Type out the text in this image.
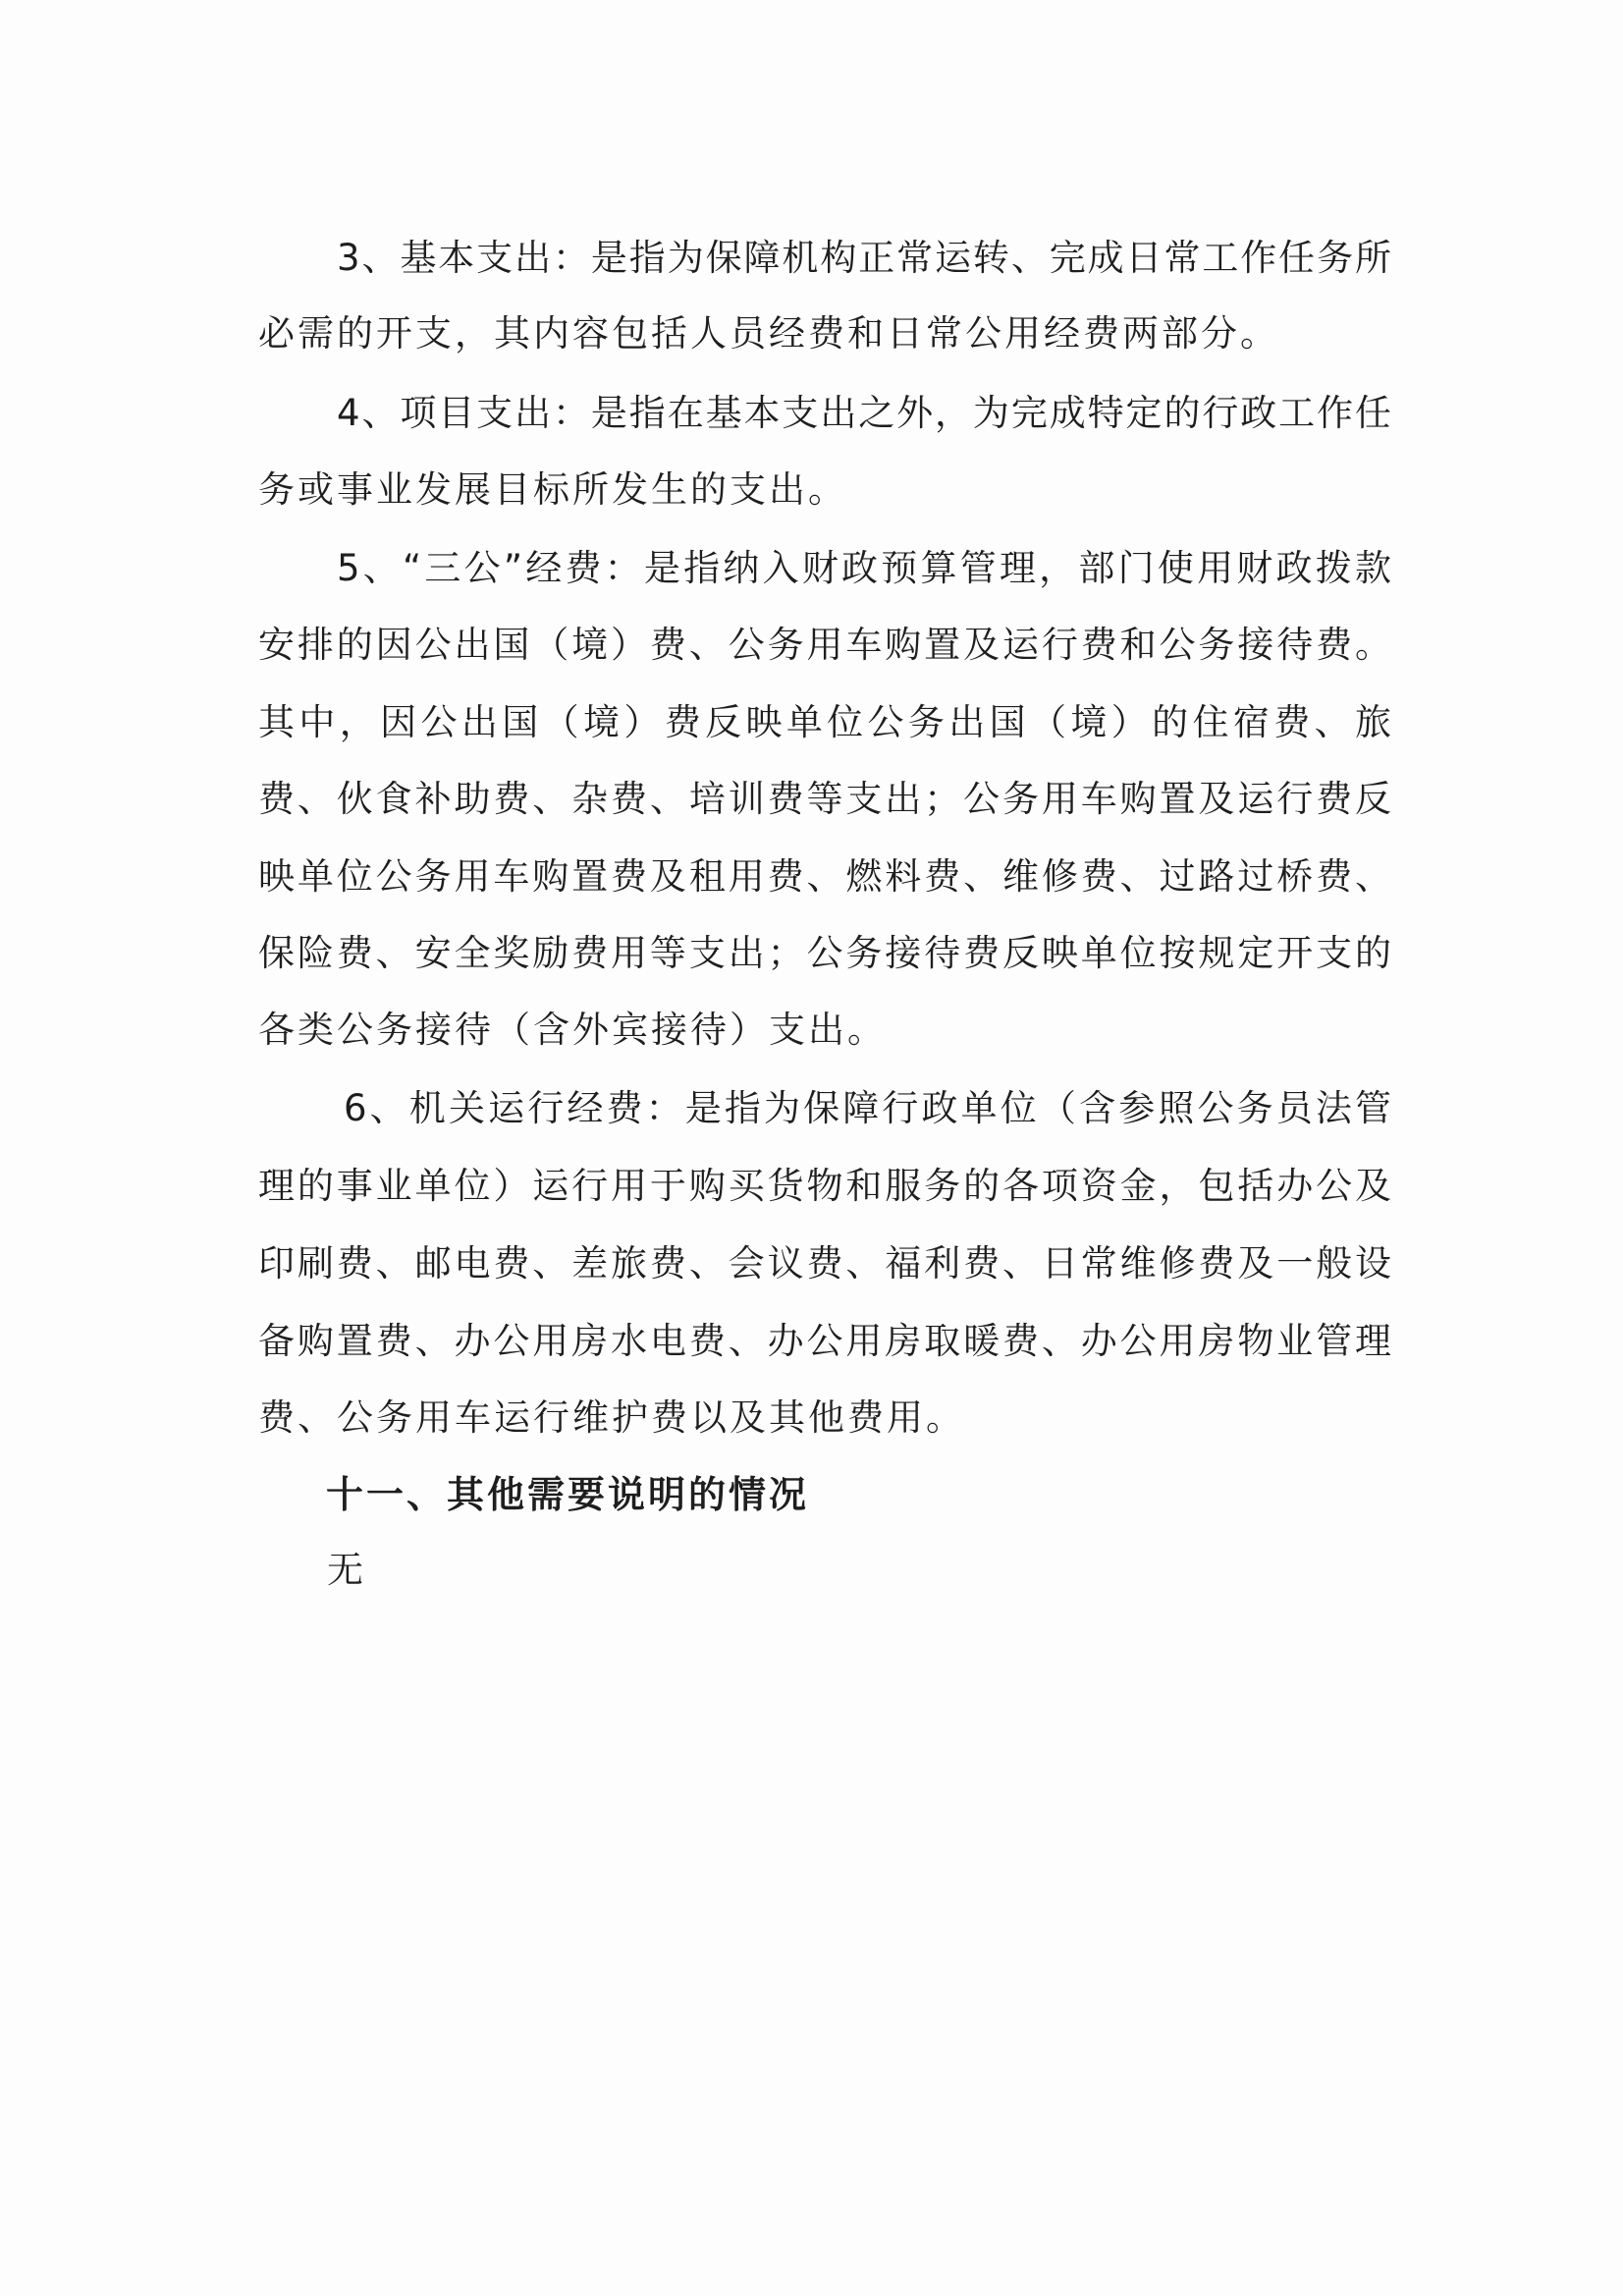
3、基本支出：是指为保障机构正常运转、完成日常工作任务所
必需的开支，其内容包括人员经费和日常公用经费两部分。
4、项目支出：是指在基本支出之外，为完成特定的行政工作任
务或事业发展目标所发生的支出。
5、“三公”经费：是指纳入财政预算管理，部门使用财政拨款
安排的因公出国（境）费、公务用车购置及运行费和公务接待费。
其中，因公出国（境）费反映单位公务出国（境）的住宿费、旅
费、伙食补助费、杂费、培训费等支出；公务用车购置及运行费反
映单位公务用车购置费及租用费、燃料费、维修费、过路过桥费、
保险费、安全奖励费用等支出；公务接待费反映单位按规定开支的
各类公务接待（含外宾接待）支出。
6、机关运行经费：是指为保障行政单位（含参照公务员法管
理的事业单位）运行用于购买货物和服务的各项资金，包括办公及
印刷费、邮电费、差旅费、会议费、福利费、日常维修费及一般设
备购置费、办公用房水电费、办公用房取暖费、办公用房物业管理
费、公务用车运行维护费以及其他费用。
十一、其他需要说明的情况
无
